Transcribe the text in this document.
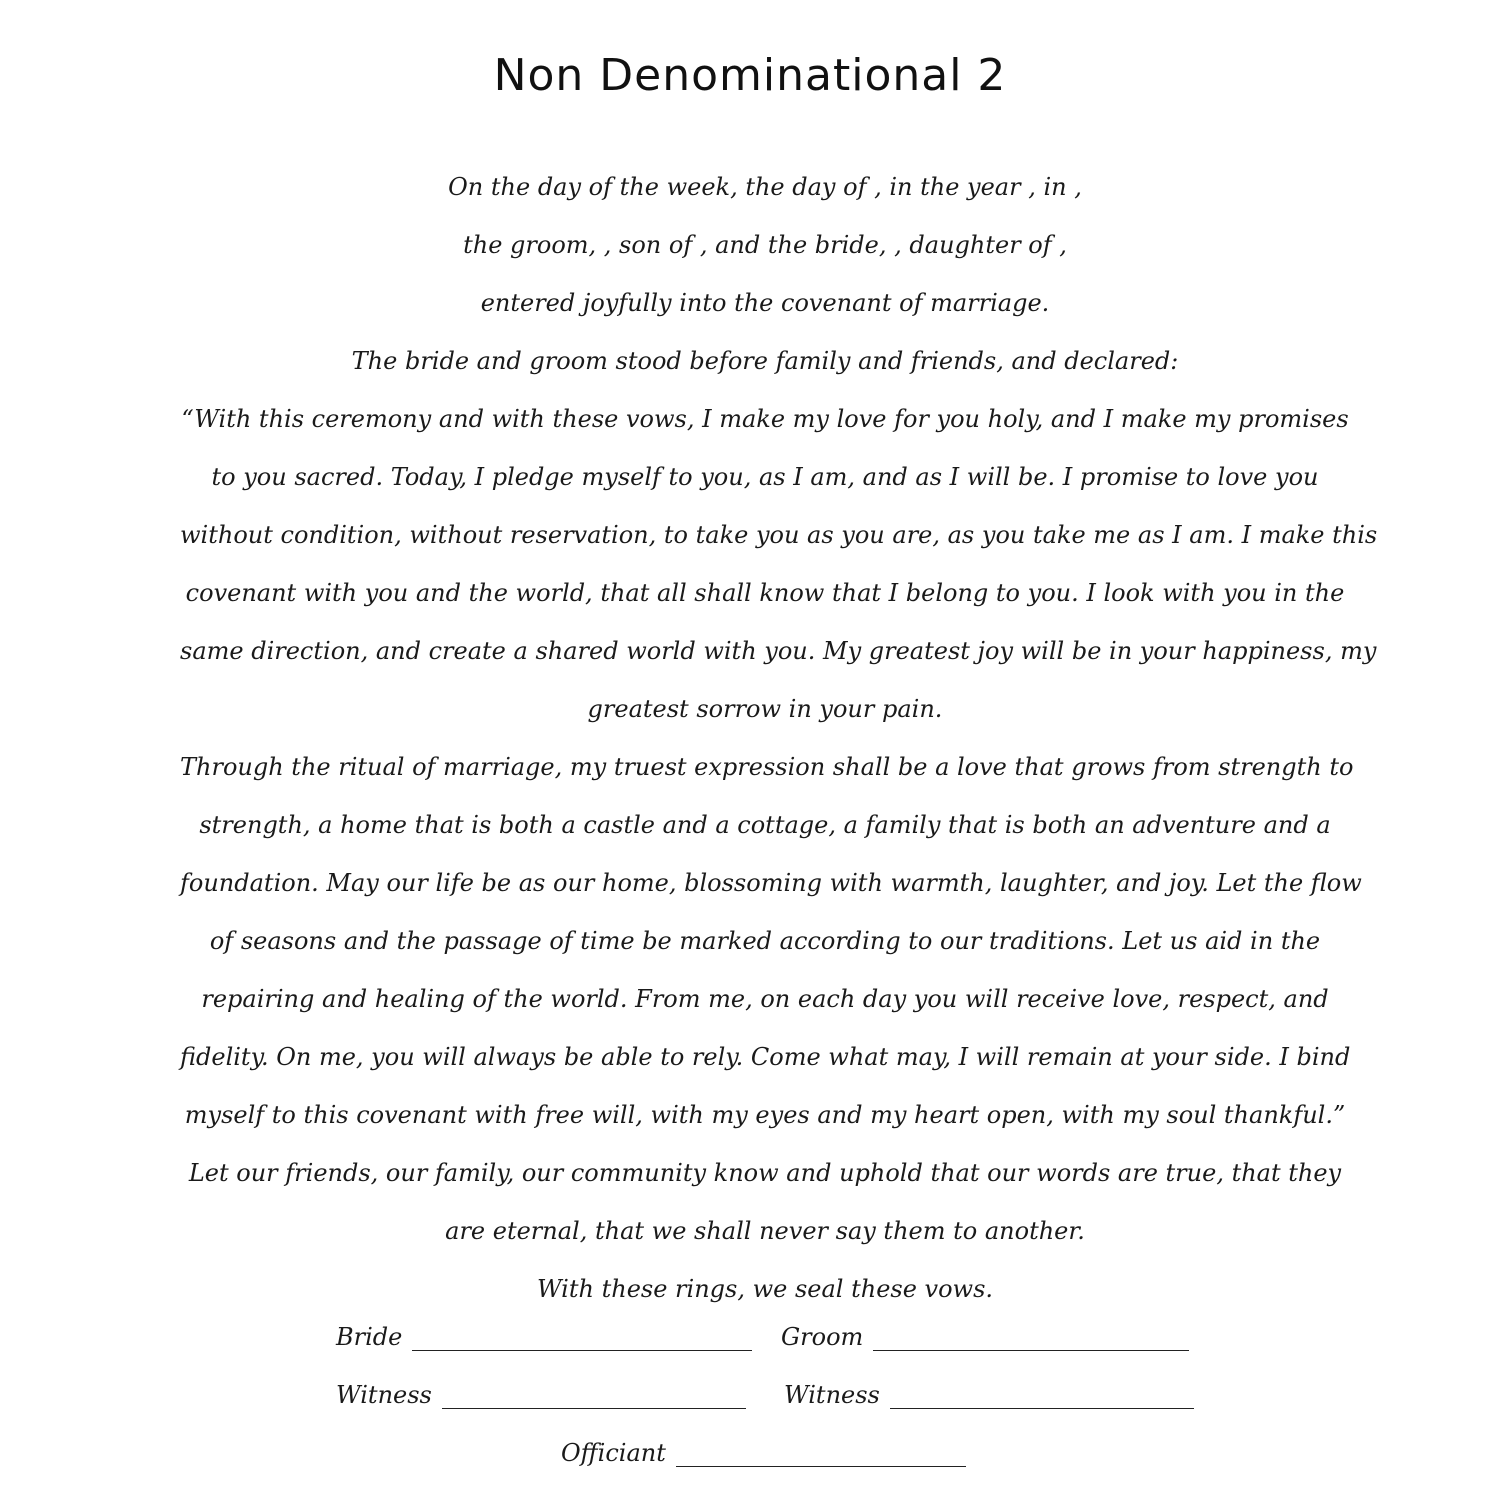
Non Denominational 2
On the day of the week, the day of , in the year , in ,
the groom, , son of , and the bride, , daughter of ,
entered joyfully into the covenant of marriage.
The bride and groom stood before family and friends, and declared:
“With this ceremony and with these vows, I make my love for you holy, and I make my promises
to you sacred. Today, I pledge myself to you, as I am, and as I will be. I promise to love you
without condition, without reservation, to take you as you are, as you take me as I am. I make this
covenant with you and the world, that all shall know that I belong to you. I look with you in the
same direction, and create a shared world with you. My greatest joy will be in your happiness, my
greatest sorrow in your pain.
Through the ritual of marriage, my truest expression shall be a love that grows from strength to
strength, a home that is both a castle and a cottage, a family that is both an adventure and a
foundation. May our life be as our home, blossoming with warmth, laughter, and joy. Let the flow
of seasons and the passage of time be marked according to our traditions. Let us aid in the
repairing and healing of the world. From me, on each day you will receive love, respect, and
fidelity. On me, you will always be able to rely. Come what may, I will remain at your side. I bind
myself to this covenant with free will, with my eyes and my heart open, with my soul thankful.”
Let our friends, our family, our community know and uphold that our words are true, that they
are eternal, that we shall never say them to another.
With these rings, we seal these vows.
Bride	Groom
Witness	Witness
Officiant
